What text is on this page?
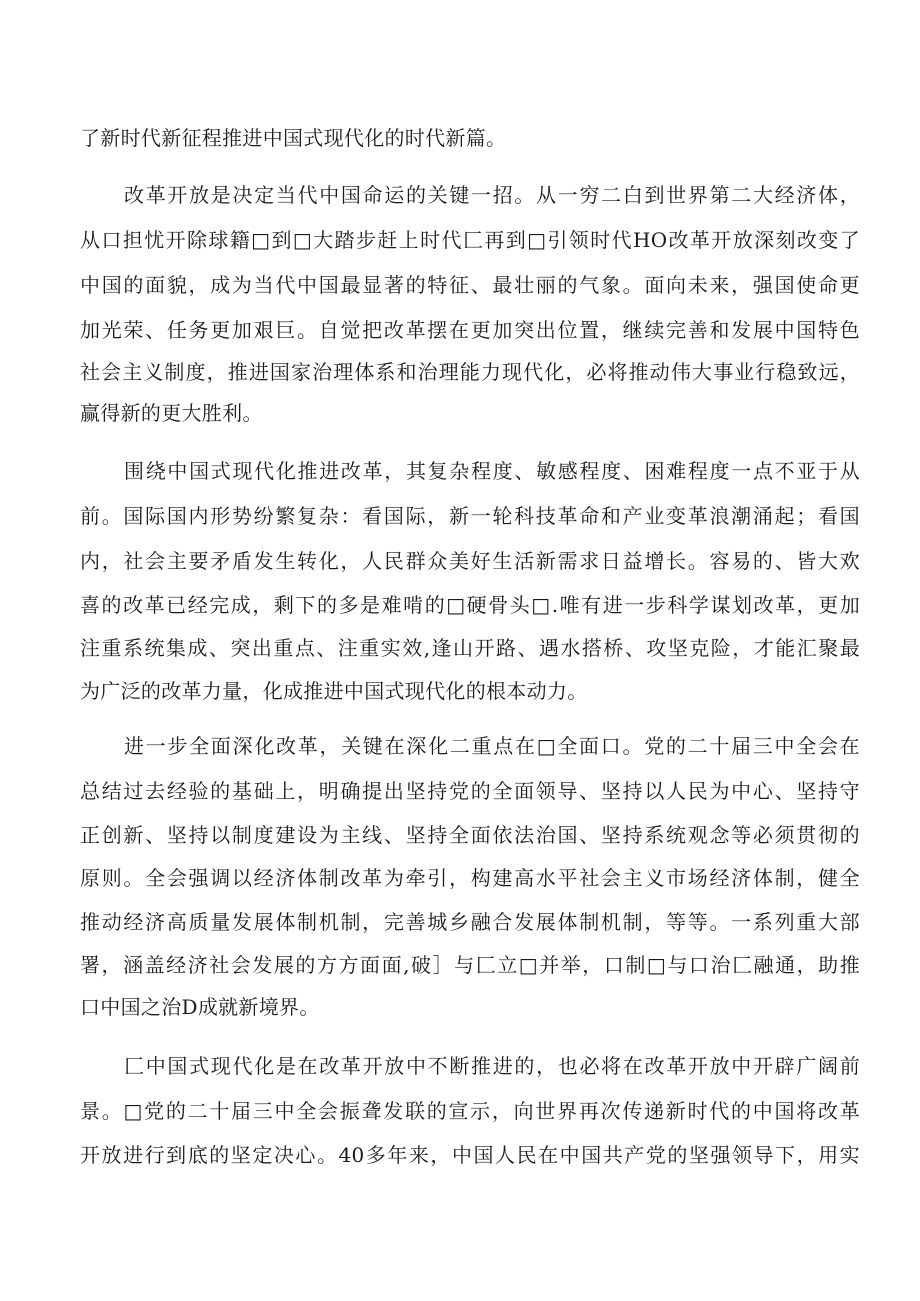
了新时代新征程推进中国式现代化的时代新篇。
改革开放是决定当代中国命运的关键一招。从一穷二白到世界第二大经济体，
从口担忧开除球籍□到□大踏步赶上时代匚再到□引领时代HO改革开放深刻改变了
中国的面貌，成为当代中国最显著的特征、最壮丽的气象。面向未来，强国使命更
加光荣、任务更加艰巨。自觉把改革摆在更加突出位置，继续完善和发展中国特色
社会主义制度，推进国家治理体系和治理能力现代化，必将推动伟大事业行稳致远，
赢得新的更大胜利。
围绕中国式现代化推进改革，其复杂程度、敏感程度、困难程度一点不亚于从
前。国际国内形势纷繁复杂：看国际，新一轮科技革命和产业变革浪潮涌起；看国
内，社会主要矛盾发生转化，人民群众美好生活新需求日益增长。容易的、皆大欢
喜的改革已经完成，剩下的多是难啃的□硬骨头□.唯有进一步科学谋划改革，更加
注重系统集成、突出重点、注重实效,逢山开路、遇水搭桥、攻坚克险，才能汇聚最
为广泛的改革力量，化成推进中国式现代化的根本动力。
进一步全面深化改革，关键在深化二重点在□全面口。党的二十届三中全会在
总结过去经验的基础上，明确提出坚持党的全面领导、坚持以人民为中心、坚持守
正创新、坚持以制度建设为主线、坚持全面依法治国、坚持系统观念等必须贯彻的
原则。全会强调以经济体制改革为牵引，构建高水平社会主义市场经济体制，健全
推动经济高质量发展体制机制，完善城乡融合发展体制机制，等等。一系列重大部
署，涵盖经济社会发展的方方面面,破］与匚立□并举，口制□与口治匚融通，助推
口中国之治D成就新境界。
匚中国式现代化是在改革开放中不断推进的，也必将在改革开放中开辟广阔前
景。□党的二十届三中全会振聋发联的宣示，向世界再次传递新时代的中国将改革
开放进行到底的坚定决心。40多年来，中国人民在中国共产党的坚强领导下，用实
